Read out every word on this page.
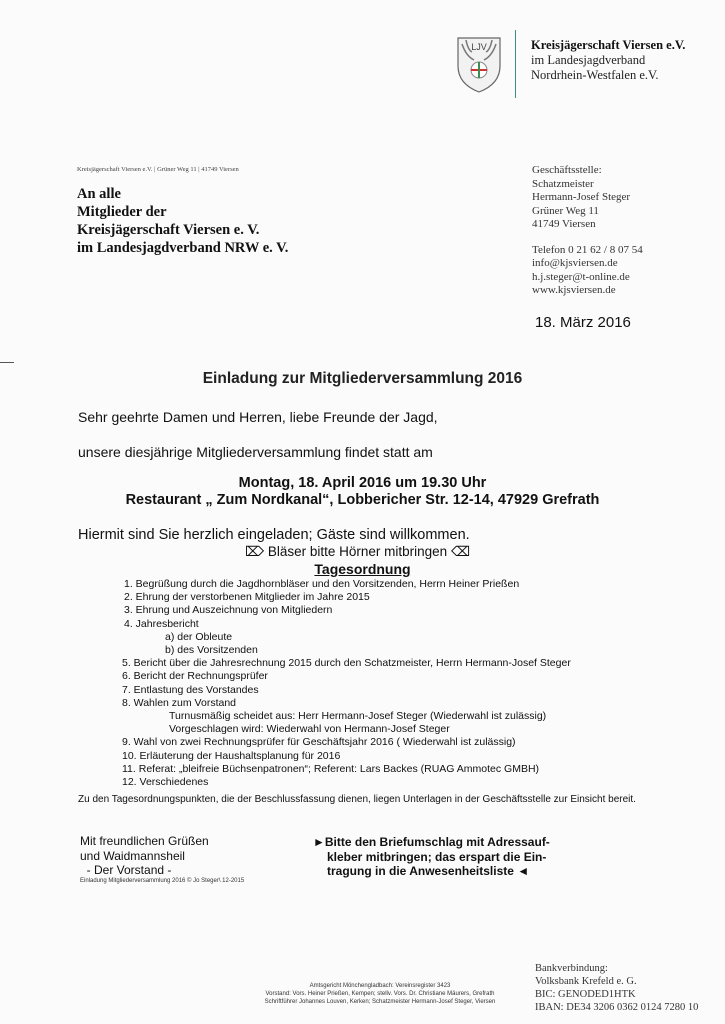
LJV	Kreisjägerschaft Viersen e.V.
im Landesjagdverband
Nordrhein-Westfalen e.V.
Kreisjägerschaft Viersen e.V. | Grüner Weg 11 | 41749 Viersen
An alle
Mitglieder der
Kreisjägerschaft Viersen e. V.
im Landesjagdverband NRW e. V.
Geschäftsstelle:
Schatzmeister
Hermann-Josef Steger
Grüner Weg 11
41749 Viersen
Telefon 0 21 62 / 8 07 54
info@kjsviersen.de
h.j.steger@t-online.de
www.kjsviersen.de
18. März 2016
Einladung zur Mitgliederversammlung 2016
Sehr geehrte Damen und Herren, liebe Freunde der Jagd,
unsere diesjährige Mitgliederversammlung findet statt am
Montag, 18. April 2016 um 19.30 Uhr
Restaurant „ Zum Nordkanal“, Lobbericher Str. 12-14, 47929 Grefrath
Hiermit sind Sie herzlich eingeladen; Gäste sind willkommen.
⌦ Bläser bitte Hörner mitbringen ⌫
Tagesordnung
1. Begrüßung durch die Jagdhornbläser und den Vorsitzenden, Herrn Heiner Prießen
2. Ehrung der verstorbenen Mitglieder im Jahre 2015
3. Ehrung und Auszeichnung von Mitgliedern
4. Jahresbericht
a) der Obleute
b) des Vorsitzenden
5. Bericht über die Jahresrechnung 2015 durch den Schatzmeister, Herrn Hermann-Josef Steger
6. Bericht der Rechnungsprüfer
7. Entlastung des Vorstandes
8. Wahlen zum Vorstand
Turnusmäßig scheidet aus: Herr Hermann-Josef Steger (Wiederwahl ist zulässig)
Vorgeschlagen wird: Wiederwahl von Hermann-Josef Steger
9. Wahl von zwei Rechnungsprüfer für Geschäftsjahr 2016 ( Wiederwahl ist zulässig)
10. Erläuterung der Haushaltsplanung für 2016
11. Referat: „bleifreie Büchsenpatronen“; Referent: Lars Backes (RUAG Ammotec GMBH)
12. Verschiedenes
Zu den Tagesordnungspunkten, die der Beschlussfassung dienen, liegen Unterlagen in der Geschäftsstelle zur Einsicht bereit.
Mit freundlichen Grüßen
und Waidmannsheil
- Der Vorstand -
Einladung Mitgliederversammlung 2016 © Jo Steger\ 12-2015
►Bitte den Briefumschlag mit Adressauf-
kleber mitbringen; das erspart die Ein-
tragung in die Anwesenheitsliste ◄
Amtsgericht Mönchengladbach: Vereinsregister 3423
Vorstand: Vors. Heiner Prießen, Kempen; stellv. Vors. Dr. Christiane Mäurers, Grefrath
Schriftführer Johannes Louven, Kerken; Schatzmeister Hermann-Josef Steger, Viersen
Bankverbindung:
Volksbank Krefeld e. G.
BIC: GENODED1HTK
IBAN: DE34 3206 0362 0124 7280 10
